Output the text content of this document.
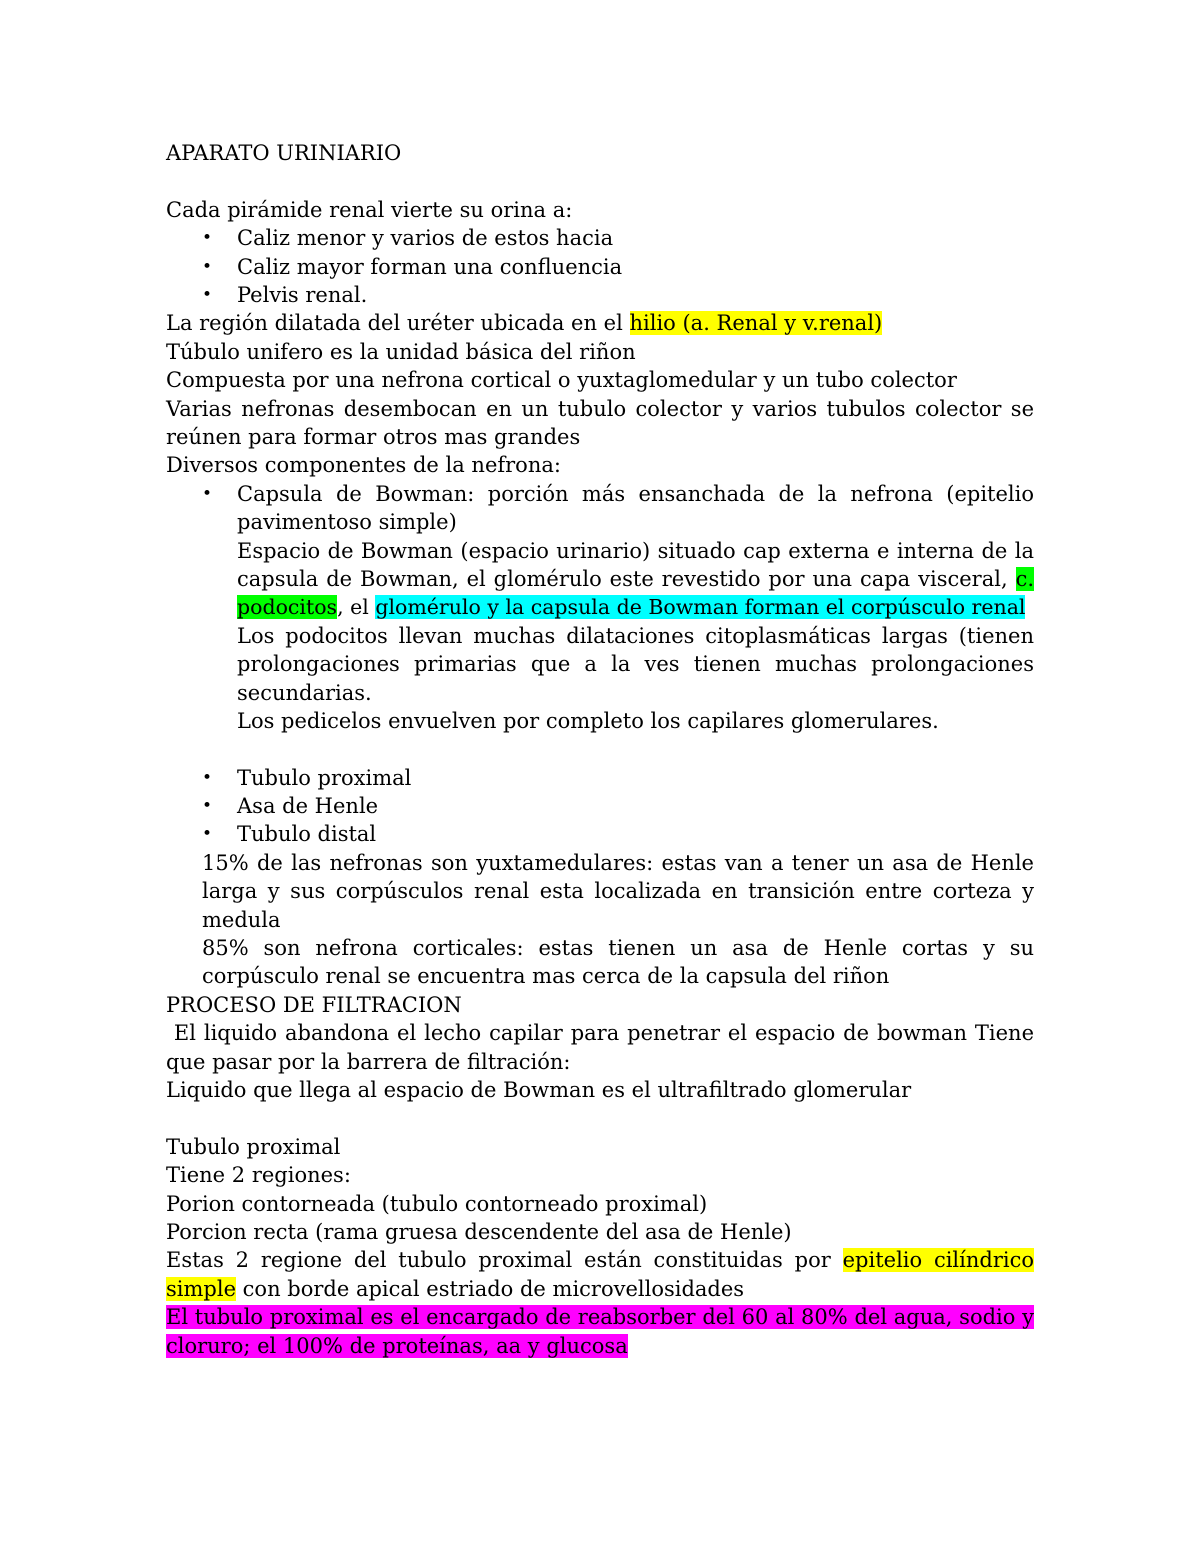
APARATO URINIARIO
Cada pirámide renal vierte su orina a:
• Caliz menor y varios de estos hacia
• Caliz mayor forman una confluencia
• Pelvis renal.
La región dilatada del uréter ubicada en el hilio (a. Renal y v.renal)
Túbulo unifero es la unidad básica del riñon
Compuesta por una nefrona cortical o yuxtaglomedular y un tubo colector
Varias nefronas desembocan en un tubulo colector y varios tubulos colector se
reúnen para formar otros mas grandes
Diversos componentes de la nefrona:
• Capsula de Bowman: porción más ensanchada de la nefrona (epitelio
pavimentoso simple)
Espacio de Bowman (espacio urinario) situado cap externa e interna de la
capsula de Bowman, el glomérulo este revestido por una capa visceral, c.
podocitos, el glomérulo y la capsula de Bowman forman el corpúsculo renal
Los podocitos llevan muchas dilataciones citoplasmáticas largas (tienen
prolongaciones primarias que a la ves tienen muchas prolongaciones
secundarias.
Los pedicelos envuelven por completo los capilares glomerulares.
• Tubulo proximal
• Asa de Henle
• Tubulo distal
15% de las nefronas son yuxtamedulares: estas van a tener un asa de Henle
larga y sus corpúsculos renal esta localizada en transición entre corteza y
medula
85% son nefrona corticales: estas tienen un asa de Henle cortas y su
corpúsculo renal se encuentra mas cerca de la capsula del riñon
PROCESO DE FILTRACION
El liquido abandona el lecho capilar para penetrar el espacio de bowman Tiene
que pasar por la barrera de filtración:
Liquido que llega al espacio de Bowman es el ultrafiltrado glomerular
Tubulo proximal
Tiene 2 regiones:
Porion contorneada (tubulo contorneado proximal)
Porcion recta (rama gruesa descendente del asa de Henle)
Estas 2 regione del tubulo proximal están constituidas por epitelio cilíndrico
simple con borde apical estriado de microvellosidades
El tubulo proximal es el encargado de reabsorber del 60 al 80% del agua, sodio y
cloruro; el 100% de proteínas, aa y glucosa
